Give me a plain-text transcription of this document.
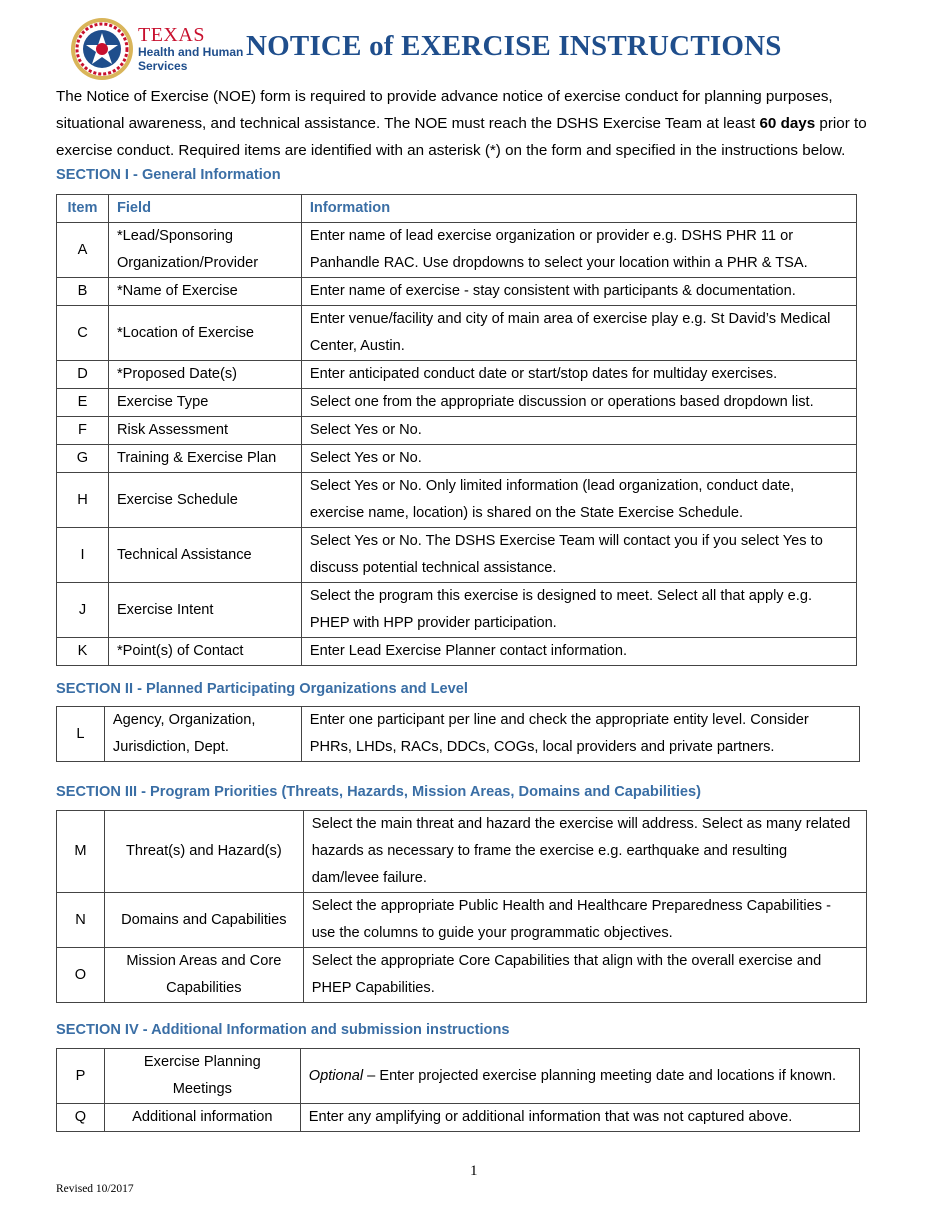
TEXAS
Health and Human
Services
NOTICE of EXERCISE INSTRUCTIONS
The Notice of Exercise (NOE) form is required to provide advance notice of exercise conduct for planning purposes, situational awareness, and technical assistance. The NOE must reach the DSHS Exercise Team at least 60 days prior to exercise conduct. Required items are identified with an asterisk (*) on the form and specified in the instructions below.
SECTION I - General Information
Item	Field	Information
A	*Lead/Sponsoring Organization/Provider	Enter name of lead exercise organization or provider e.g. DSHS PHR 11 or Panhandle RAC. Use dropdowns to select your location within a PHR & TSA.
B	*Name of Exercise	Enter name of exercise - stay consistent with participants & documentation.
C	*Location of Exercise	Enter venue/facility and city of main area of exercise play e.g. St David’s Medical Center, Austin.
D	*Proposed Date(s)	Enter anticipated conduct date or start/stop dates for multiday exercises.
E	Exercise Type	Select one from the appropriate discussion or operations based dropdown list.
F	Risk Assessment	Select Yes or No.
G	Training & Exercise Plan	Select Yes or No.
H	Exercise Schedule	Select Yes or No. Only limited information (lead organization, conduct date, exercise name, location) is shared on the State Exercise Schedule.
I	Technical Assistance	Select Yes or No. The DSHS Exercise Team will contact you if you select Yes to discuss potential technical assistance.
J	Exercise Intent	Select the program this exercise is designed to meet. Select all that apply e.g. PHEP with HPP provider participation.
K	*Point(s) of Contact	Enter Lead Exercise Planner contact information.
SECTION II - Planned Participating Organizations and Level
L	Agency, Organization, Jurisdiction, Dept.	Enter one participant per line and check the appropriate entity level. Consider PHRs, LHDs, RACs, DDCs, COGs, local providers and private partners.
SECTION III - Program Priorities (Threats, Hazards, Mission Areas, Domains and Capabilities)
M	Threat(s) and Hazard(s)	Select the main threat and hazard the exercise will address. Select as many related hazards as necessary to frame the exercise e.g. earthquake and resulting dam/levee failure.
N	Domains and Capabilities	Select the appropriate Public Health and Healthcare Preparedness Capabilities - use the columns to guide your programmatic objectives.
O	Mission Areas and Core Capabilities	Select the appropriate Core Capabilities that align with the overall exercise and PHEP Capabilities.
SECTION IV - Additional Information and submission instructions
P	Exercise Planning Meetings	Optional – Enter projected exercise planning meeting date and locations if known.
Q	Additional information	Enter any amplifying or additional information that was not captured above.
1
Revised 10/2017
